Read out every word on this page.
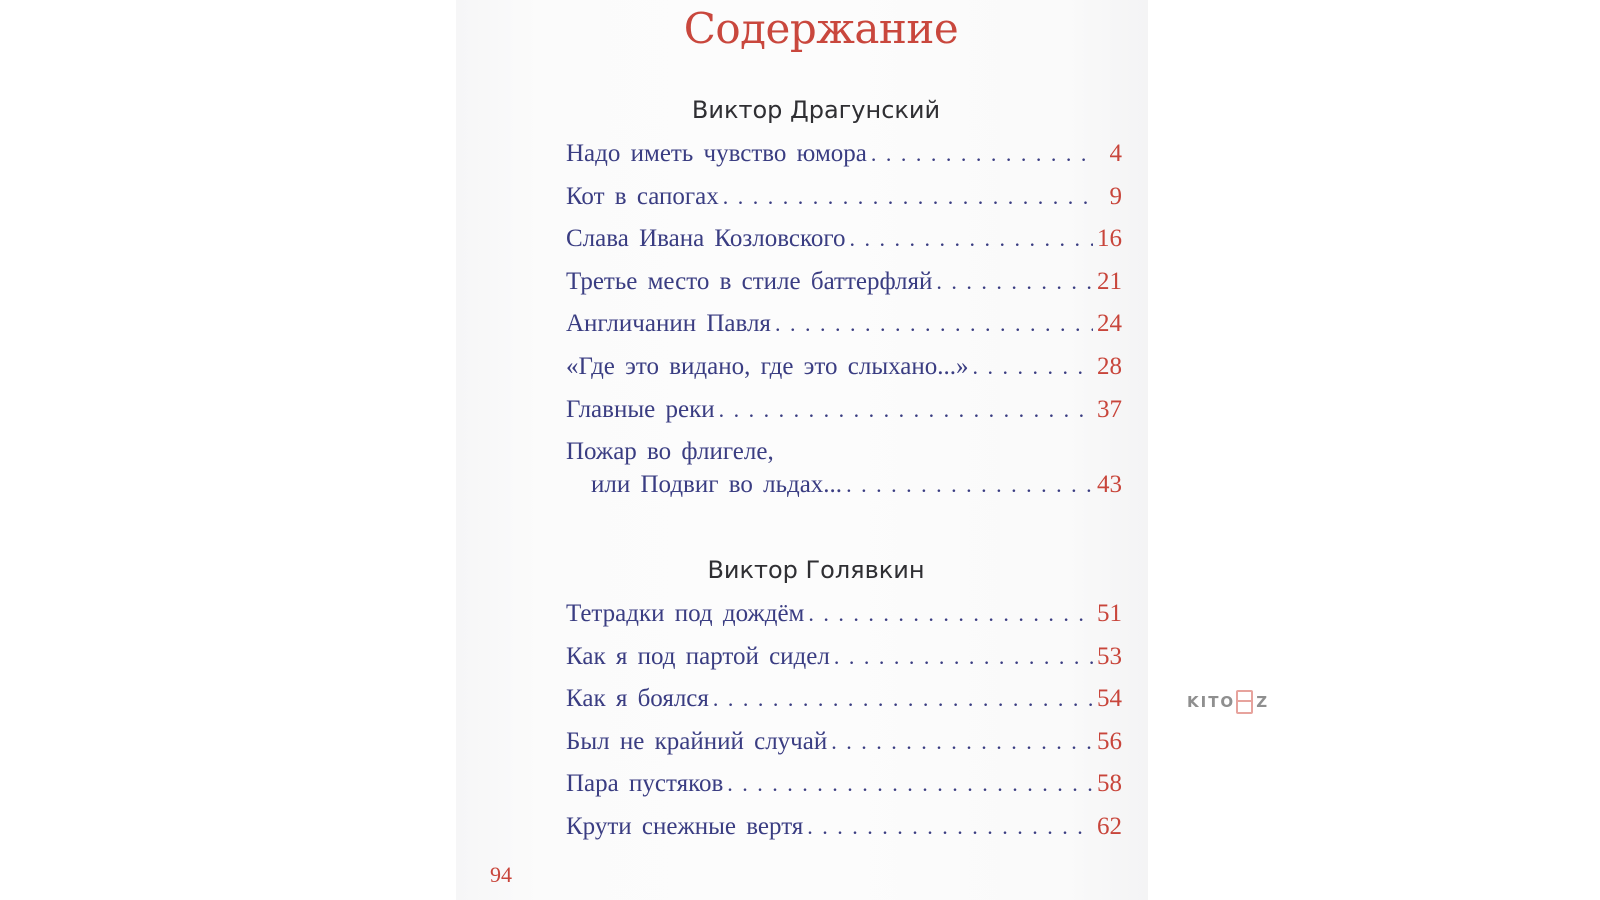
Содержание
Виктор Драгунский
Надо иметь чувство юмора . . .	4
Кот в сапогах . . .	9
Слава Ивана Козловского . . .	16
Третье место в стиле баттерфляй . . .	21
Англичанин Павля . . .	24
«Где это видано, где это слыхано...» . . .	28
Главные реки . . .	37
Пожар во флигеле,
или Подвиг во льдах... . . .	43
Виктор Голявкин
Тетрадки под дождём . . .	51
Как я под партой сидел . . .	53
Как я боялся . . .	54
Был не крайний случай . . .	56
Пара пустяков . . .	58
Крути снежные вертя . . .	62
94
KITO Z
